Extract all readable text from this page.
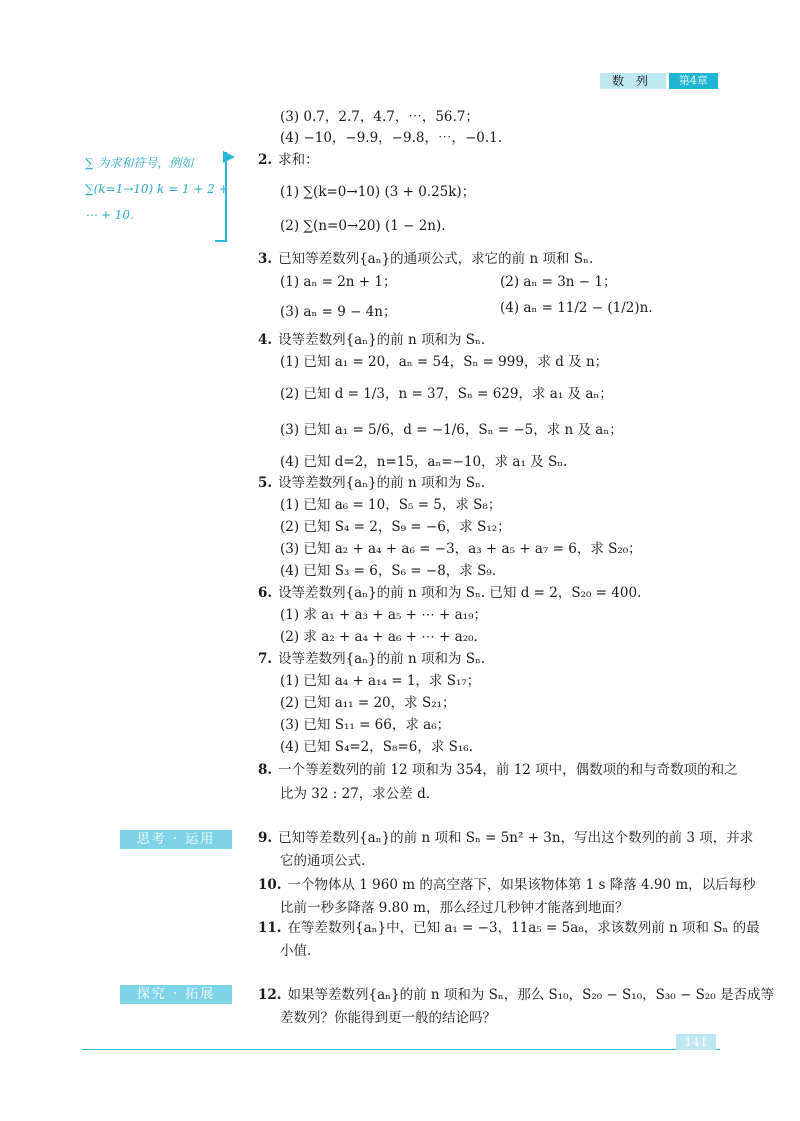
数 列	第4章
∑ 为求和符号，例如 ∑(k=1→10) k = 1 + 2 + ⋯ + 10.
思考 · 运用
探究 · 拓展
(3) 0.7，2.7，4.7，⋯，56.7；
(4) −10，−9.9，−9.8，⋯，−0.1.
2. 求和：
(1) ∑(k=0→10) (3 + 0.25k)；
(2) ∑(n=0→20) (1 − 2n).
3. 已知等差数列{aₙ}的通项公式，求它的前 n 项和 Sₙ.
(1) aₙ = 2n + 1；	(2) aₙ = 3n − 1；
(3) aₙ = 9 − 4n；	(4) aₙ = 11/2 − (1/2)n.
4. 设等差数列{aₙ}的前 n 项和为 Sₙ.
(1) 已知 a₁ = 20，aₙ = 54，Sₙ = 999，求 d 及 n；
(2) 已知 d = 1/3，n = 37，Sₙ = 629，求 a₁ 及 aₙ；
(3) 已知 a₁ = 5/6，d = −1/6，Sₙ = −5，求 n 及 aₙ；
(4) 已知 d=2，n=15，aₙ=−10，求 a₁ 及 Sₙ.
5. 设等差数列{aₙ}的前 n 项和为 Sₙ.
(1) 已知 a₆ = 10，S₅ = 5，求 S₈；
(2) 已知 S₄ = 2，S₉ = −6，求 S₁₂；
(3) 已知 a₂ + a₄ + a₆ = −3，a₃ + a₅ + a₇ = 6，求 S₂₀；
(4) 已知 S₃ = 6，S₆ = −8，求 S₉.
6. 设等差数列{aₙ}的前 n 项和为 Sₙ. 已知 d = 2，S₂₀ = 400.
(1) 求 a₁ + a₃ + a₅ + ⋯ + a₁₉；
(2) 求 a₂ + a₄ + a₆ + ⋯ + a₂₀.
7. 设等差数列{aₙ}的前 n 项和为 Sₙ.
(1) 已知 a₄ + a₁₄ = 1，求 S₁₇；
(2) 已知 a₁₁ = 20，求 S₂₁；
(3) 已知 S₁₁ = 66，求 a₆；
(4) 已知 S₄=2，S₈=6，求 S₁₆.
8. 一个等差数列的前 12 项和为 354，前 12 项中，偶数项的和与奇数项的和之
比为 32 : 27，求公差 d.
9. 已知等差数列{aₙ}的前 n 项和 Sₙ = 5n² + 3n，写出这个数列的前 3 项，并求
它的通项公式.
10. 一个物体从 1 960 m 的高空落下，如果该物体第 1 s 降落 4.90 m，以后每秒
比前一秒多降落 9.80 m，那么经过几秒钟才能落到地面？
11. 在等差数列{aₙ}中，已知 a₁ = −3，11a₅ = 5a₈，求该数列前 n 项和 Sₙ 的最
小值.
12. 如果等差数列{aₙ}的前 n 项和为 Sₙ，那么 S₁₀，S₂₀ − S₁₀，S₃₀ − S₂₀ 是否成等
差数列？你能得到更一般的结论吗？
141
